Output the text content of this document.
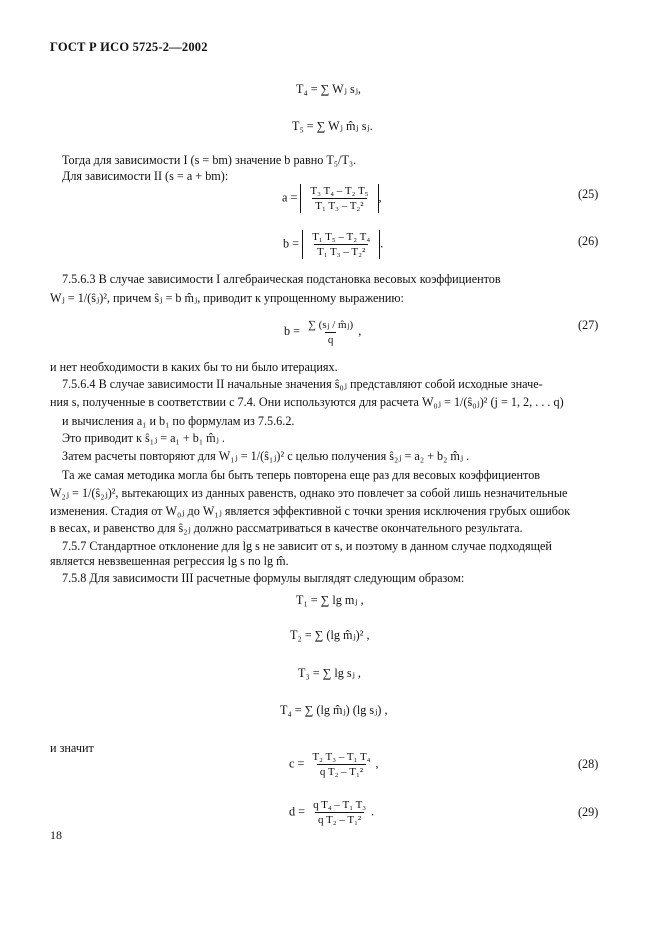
ГОСТ Р ИСО 5725-2—2002
T₄ = ∑ Wⱼ sⱼ,
T₅ = ∑ Wⱼ m̂ⱼ sⱼ.
Тогда для зависимости I (s = bm) значение b равно T₅/T₃.
Для зависимости II (s = a + bm):
$a = \frac{\text{T₃ T₄ – T₂ T₅}}{\text{T₁ T₃ – T₂²}}$ ,	(25)
$b = \frac{\text{T₁ T₅ – T₂ T₄}}{\text{T₁ T₃ – T₂²}}$ .	(26)
7.5.6.3 В случае зависимости I алгебраическая подстановка весовых коэффициентов
Wⱼ = 1/(ŝⱼ)², причем ŝⱼ = b m̂ⱼ, приводит к упрощенному выражению:
$b = \frac{\text{∑ (sⱼ / m̂ⱼ)}}{q}$ ,	(27)
и нет необходимости в каких бы то ни было итерациях.
7.5.6.4 В случае зависимости II начальные значения ŝ₀ⱼ представляют собой исходные значе-
ния s, полученные в соответствии с 7.4. Они используются для расчета W₀ⱼ = 1/(ŝ₀ⱼ)² (j = 1, 2, . . . q)
и вычисления a₁ и b₁ по формулам из 7.5.6.2.
Это приводит к ŝ₁ⱼ = a₁ + b₁ m̂ⱼ .
Затем расчеты повторяют для W₁ⱼ = 1/(ŝ₁ⱼ)² с целью получения ŝ₂ⱼ = a₂ + b₂ m̂ⱼ .
Та же самая методика могла бы быть теперь повторена еще раз для весовых коэффициентов
W₂ⱼ = 1/(ŝ₂ⱼ)², вытекающих из данных равенств, однако это повлечет за собой лишь незначительные
изменения. Стадия от W₀ⱼ до W₁ⱼ является эффективной с точки зрения исключения грубых ошибок
в весах, и равенство для ŝ₂ⱼ должно рассматриваться в качестве окончательного результата.
7.5.7 Стандартное отклонение для lg s не зависит от s, и поэтому в данном случае подходящей
является невзвешенная регрессия lg s по lg m̂.
7.5.8 Для зависимости III расчетные формулы выглядят следующим образом:
T₁ = ∑ lg mⱼ ,
T₂ = ∑ (lg m̂ⱼ)² ,
T₃ = ∑ lg sⱼ ,
T₄ = ∑ (lg m̂ⱼ) (lg sⱼ) ,
и значит
$c = \frac{\text{T₂ T₃ – T₁ T₄}}{\text{q T₂ – T₁²}}$ ,	(28)
$d = \frac{\text{q T₄ – T₁ T₃}}{\text{q T₂ – T₁²}}$ .	(29)
18
